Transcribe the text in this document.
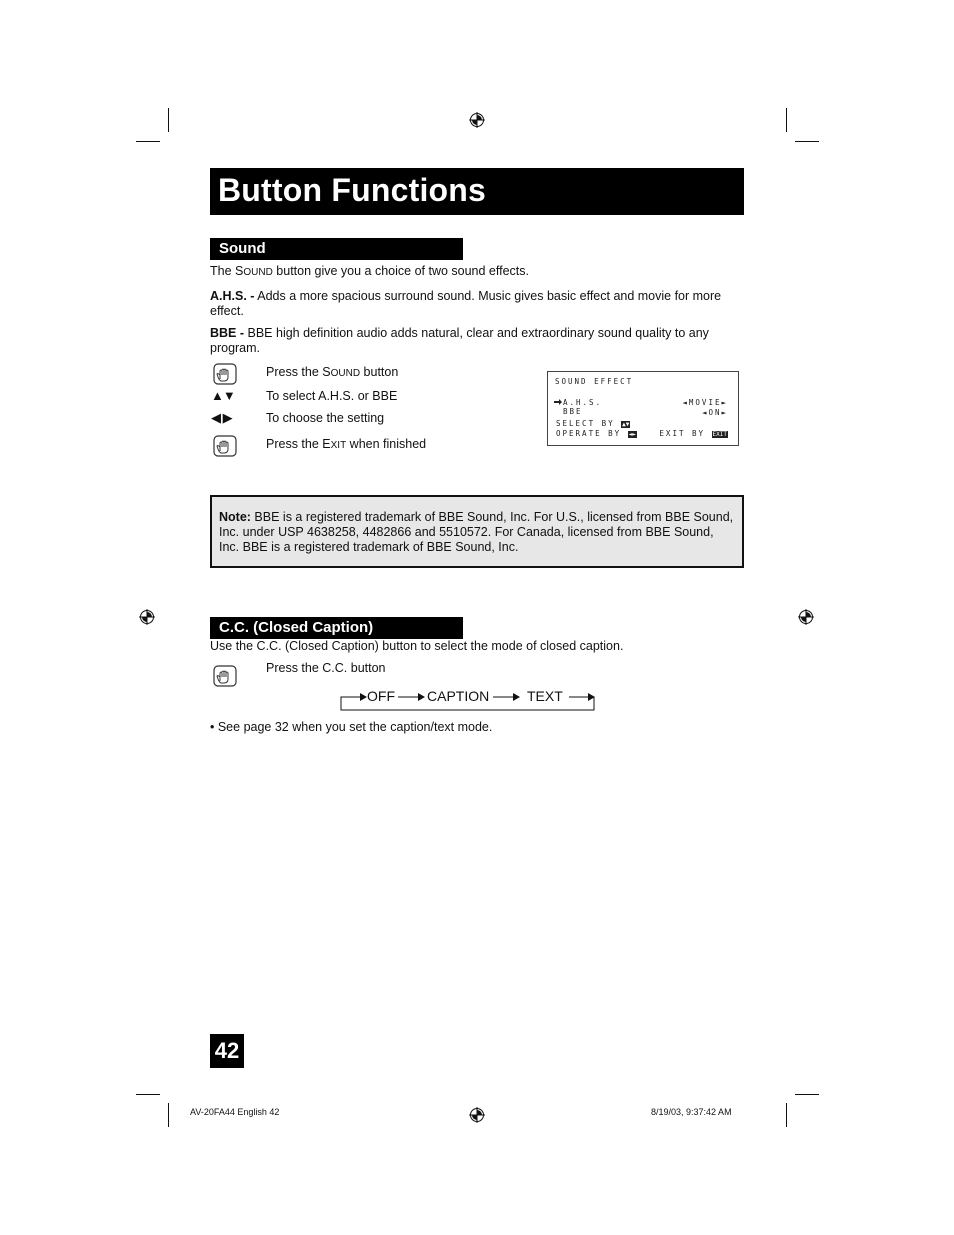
Button Functions
Sound
The SOUND button give you a choice of two sound effects.
A.H.S. - Adds a more spacious surround sound. Music gives basic effect and movie for more effect.
BBE - BBE high definition audio adds natural, clear and extraordinary sound quality to any program.
Press the SOUND button
▲▼	To select A.H.S. or BBE
◀ ▶	To choose the setting
Press the EXIT when finished
SOUND EFFECT
A.H.S.	◄MOVIE►
BBE	◄ON►
SELECT BY ▲▼
OPERATE BY ◄►	EXIT BY EXIT
Note: BBE is a registered trademark of BBE Sound, Inc. For U.S., licensed from BBE Sound, Inc. under USP 4638258, 4482866 and 5510572. For Canada, licensed from BBE Sound, Inc. BBE is a registered trademark of BBE Sound, Inc.
C.C. (Closed Caption)
Use the C.C. (Closed Caption) button to select the mode of closed caption.
Press the C.C. button
OFF CAPTION	TEXT
• See page 32 when you set the caption/text mode.
42
AV-20FA44 English 42	8/19/03, 9:37:42 AM
